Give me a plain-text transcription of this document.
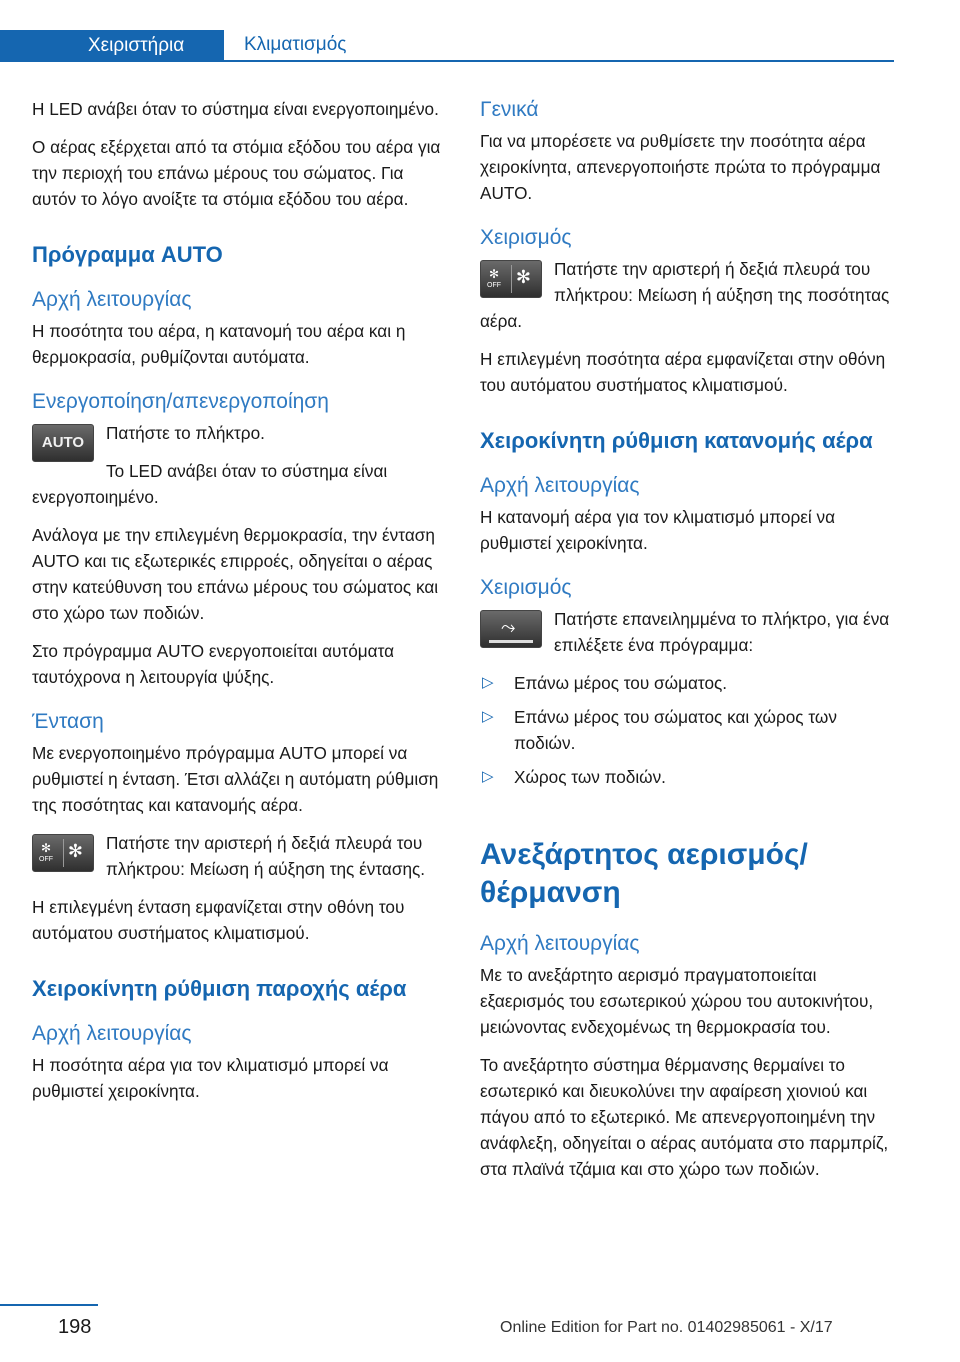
Χειριστήρια	Κλιματισμός

Η LED ανάβει όταν το σύστημα είναι ενεργοποιημένο.

Ο αέρας εξέρχεται από τα στόμια εξόδου του αέρα για την περιοχή του επάνω μέρους του σώματος. Για αυτόν το λόγο ανοίξτε τα στόμια εξόδου του αέρα.

Πρόγραμμα AUTO
Αρχή λειτουργίας

Η ποσότητα του αέρα, η κατανομή του αέρα και η θερμοκρασία, ρυθμίζονται αυτόματα.

Ενεργοποίηση/απενεργοποίηση
AUTO	Πατήστε το πλήκτρο.

Το LED ανάβει όταν το σύστημα είναι ενεργοποιημένο.

Ανάλογα με την επιλεγμένη θερμοκρασία, την ένταση AUTO και τις εξωτερικές επιρροές, οδηγείται ο αέρας στην κατεύθυνση του επάνω μέρους του σώματος και στο χώρο των ποδιών.

Στο πρόγραμμα AUTO ενεργοποιείται αυτόματα ταυτόχρονα η λειτουργία ψύξης.

Ένταση

Με ενεργοποιημένο πρόγραμμα AUTO μπορεί να ρυθμιστεί η ένταση. Έτσι αλλάζει η αυτόματη ρύθμιση της ποσότητας και κατανομής αέρα.

✻
OFF ✻	Πατήστε την αριστερή ή δεξιά πλευρά του πλήκτρου: Μείωση ή αύξηση της έντασης.

Η επιλεγμένη ένταση εμφανίζεται στην οθόνη του αυτόματου συστήματος κλιματισμού.

Χειροκίνητη ρύθμιση παροχής αέρα
Αρχή λειτουργίας

Η ποσότητα αέρα για τον κλιματισμό μπορεί να ρυθμιστεί χειροκίνητα.

Γενικά

Για να μπορέσετε να ρυθμίσετε την ποσότητα αέρα χειροκίνητα, απενεργοποιήστε πρώτα το πρόγραμμα AUTO.

Χειρισμός
✻
OFF ✻	Πατήστε την αριστερή ή δεξιά πλευρά του πλήκτρου: Μείωση ή αύξηση της ποσότητας αέρα.

Η επιλεγμένη ποσότητα αέρα εμφανίζεται στην οθόνη του αυτόματου συστήματος κλιματισμού.

Χειροκίνητη ρύθμιση κατανομής αέρα
Αρχή λειτουργίας

Η κατανομή αέρα για τον κλιματισμό μπορεί να ρυθμιστεί χειροκίνητα.

Χειρισμός
⤳	Πατήστε επανειλημμένα το πλήκτρο, για ένα επιλέξετε ένα πρόγραμμα:

▷ Επάνω μέρος του σώματος.
▷ Επάνω μέρος του σώματος και χώρος των ποδιών.
▷ Χώρος των ποδιών.
Ανεξάρτητος αερισμός/θέρμανση
Αρχή λειτουργίας

Με το ανεξάρτητο αερισμό πραγματοποιείται εξαερισμός του εσωτερικού χώρου του αυτοκινήτου, μειώνοντας ενδεχομένως τη θερμοκρασία του.

Το ανεξάρτητο σύστημα θέρμανσης θερμαίνει το εσωτερικό και διευκολύνει την αφαίρεση χιονιού και πάγου από το εξωτερικό. Με απενεργοποιημένη την ανάφλεξη, οδηγείται ο αέρας αυτόματα στο παρμπρίζ, στα πλαϊνά τζάμια και στο χώρο των ποδιών.

198	Online Edition for Part no. 01402985061 - X/17
